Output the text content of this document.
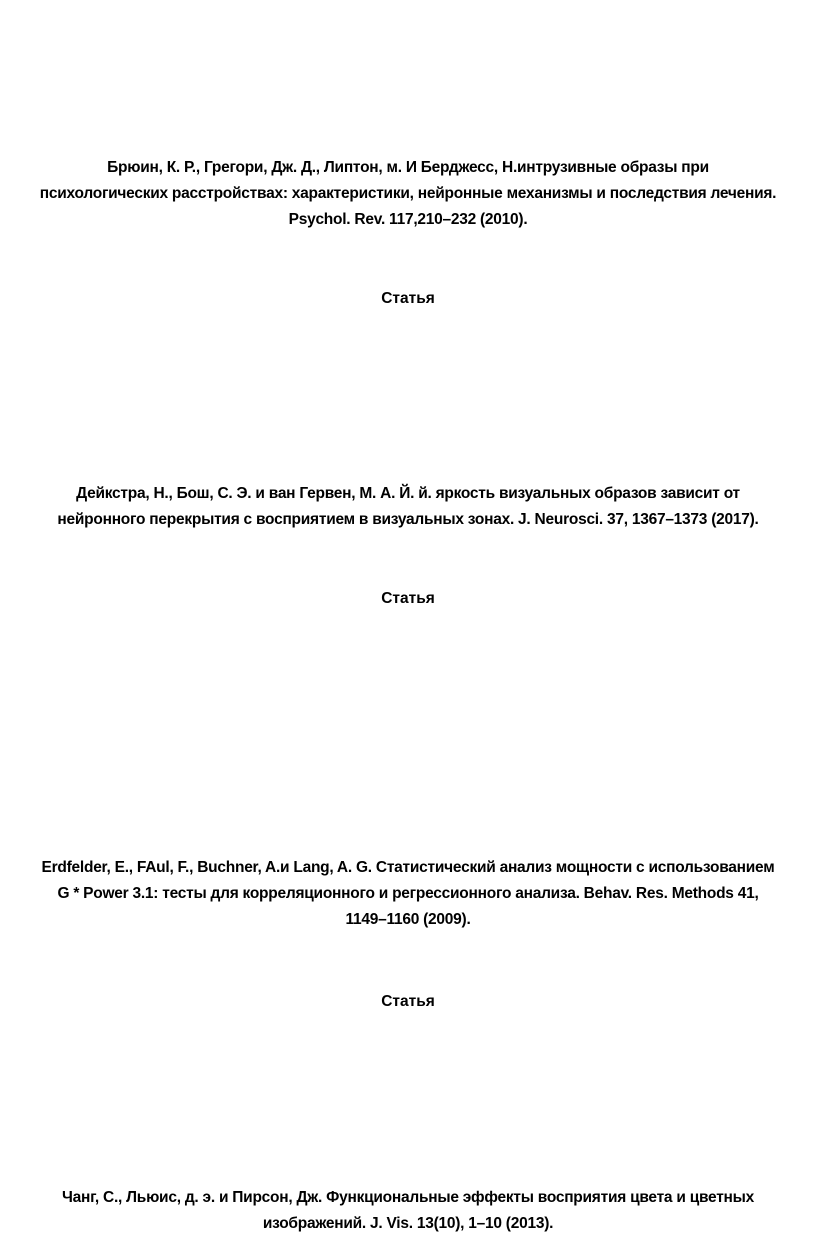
Брюин, К. Р., Грегори, Дж. Д., Липтон, м. И Берджесс, Н.интрузивные образы при
психологических расстройствах: характеристики, нейронные механизмы и последствия лечения.
Psychol. Rev. 117,210–232 (2010).
Статья
Дейкстра, Н., Бош, С. Э. и ван Гервен, М. А. Й. й. яркость визуальных образов зависит от
нейронного перекрытия с восприятием в визуальных зонах. J. Neurosci. 37, 1367–1373 (2017).
Статья
Erdfelder, E., FAul, F., Buchner, A.и Lang, A. G. Статистический анализ мощности с использованием
G * Power 3.1: тесты для корреляционного и регрессионного анализа. Behav. Res. Methods 41,
1149–1160 (2009).
Статья
Чанг, С., Льюис, д. э. и Пирсон, Дж. Функциональные эффекты восприятия цвета и цветных
изображений. J. Vis. 13(10), 1–10 (2013).
